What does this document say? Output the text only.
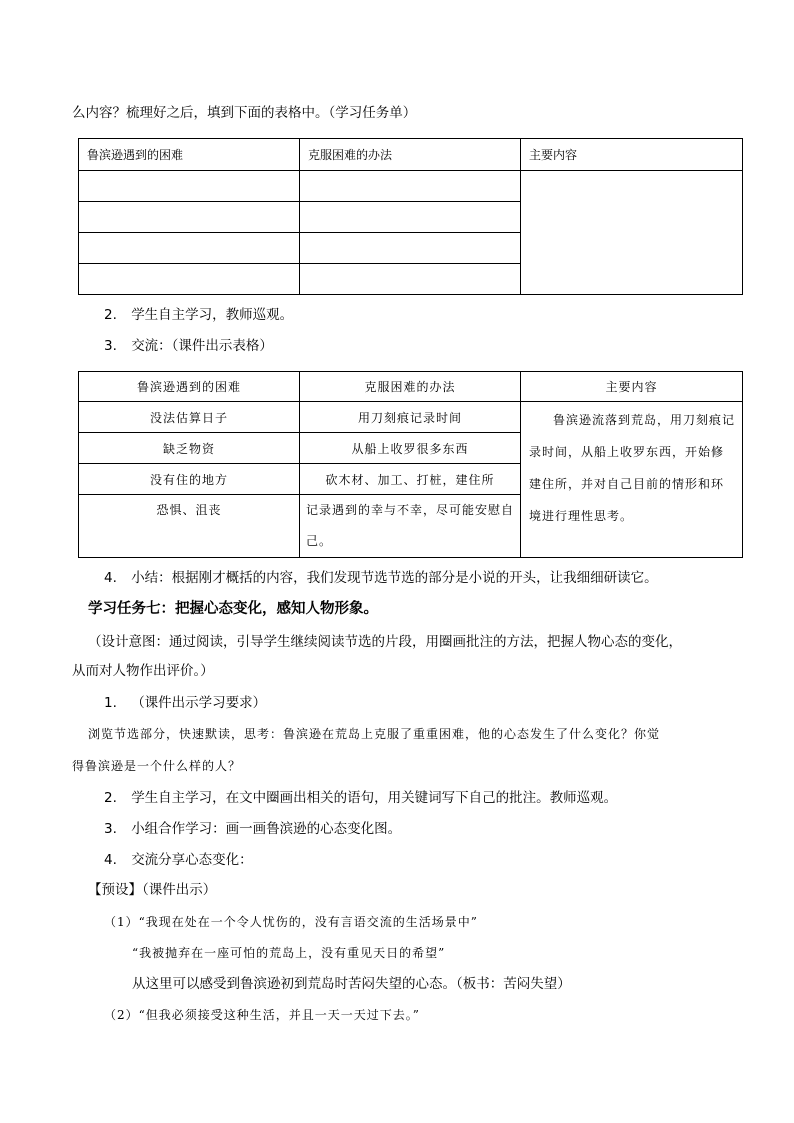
么内容？梳理好之后，填到下面的表格中。（学习任务单）
鲁滨逊遇到的困难	克服困难的办法	主要内容

2. 学生自主学习，教师巡观。
3. 交流：（课件出示表格）
鲁滨逊遇到的困难	克服困难的办法	主要内容
没法估算日子	用刀刻痕记录时间	鲁滨逊流落到荒岛，用刀刻痕记录时间，从船上收罗东西，开始修建住所，并对自己目前的情形和环境进行理性思考。

缺乏物资	从船上收罗很多东西	
没有住的地方	砍木材、加工、打桩，建住所	
恐惧、沮丧	记录遇到的幸与不幸，尽可能安慰自己。	
4. 小结：根据刚才概括的内容，我们发现节选节选的部分是小说的开头，让我细细研读它。
学习任务七：把握心态变化，感知人物形象。
（设计意图：通过阅读，引导学生继续阅读节选的片段，用圈画批注的方法，把握人物心态的变化，
从而对人物作出评价。）
1. （课件出示学习要求）
浏览节选部分，快速默读，思考：鲁滨逊在荒岛上克服了重重困难，他的心态发生了什么变化？你觉
得鲁滨逊是一个什么样的人？
2. 学生自主学习，在文中圈画出相关的语句，用关键词写下自己的批注。教师巡观。
3. 小组合作学习：画一画鲁滨逊的心态变化图。
4. 交流分享心态变化：
【预设】（课件出示）
（1）“我现在处在一个令人忧伤的，没有言语交流的生活场景中”
“我被抛弃在一座可怕的荒岛上，没有重见天日的希望”
从这里可以感受到鲁滨逊初到荒岛时苦闷失望的心态。（板书：苦闷失望）
（2）“但我必须接受这种生活，并且一天一天过下去。”
